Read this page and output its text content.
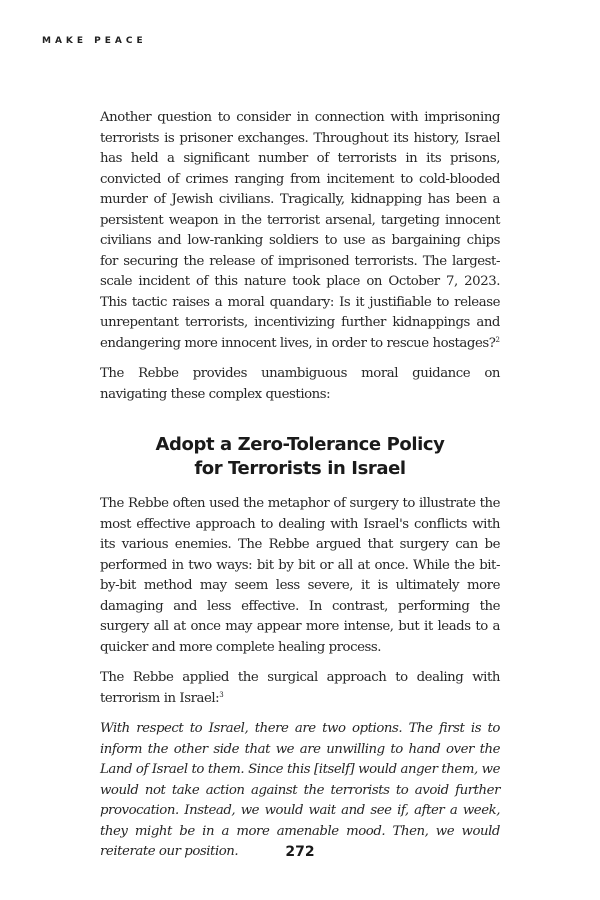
MAKE PEACE

Another question to consider in connection with imprisoning terrorists is prisoner exchanges. Throughout its history, Israel has held a significant number of terrorists in its prisons, convicted of crimes ranging from incitement to cold-blooded murder of Jewish civilians. Tragically, kidnapping has been a persistent weapon in the terrorist arsenal, targeting innocent civilians and low-ranking soldiers to use as bargaining chips for securing the release of imprisoned terrorists. The largest-scale incident of this nature took place on October 7, 2023. This tactic raises a moral quandary: Is it justifiable to release unrepentant terrorists, incentivizing further kidnappings and endangering more innocent lives, in order to rescue hostages?$^2$

The Rebbe provides unambiguous moral guidance on navigating these complex questions:

Adopt a Zero-Tolerance Policy
for Terrorists in Israel

The Rebbe often used the metaphor of surgery to illustrate the most effective approach to dealing with Israel's conflicts with its various enemies. The Rebbe argued that surgery can be performed in two ways: bit by bit or all at once. While the bit-by-bit method may seem less severe, it is ultimately more damaging and less effective. In contrast, performing the surgery all at once may appear more intense, but it leads to a quicker and more complete healing process.

The Rebbe applied the surgical approach to dealing with terrorism in Israel:$^3$

With respect to Israel, there are two options. The first is to inform the other side that we are unwilling to hand over the Land of Israel to them. Since this [itself] would anger them, we would not take action against the terrorists to avoid further provocation. Instead, we would wait and see if, after a week, they might be in a more amenable mood. Then, we would reiterate our position.	272
